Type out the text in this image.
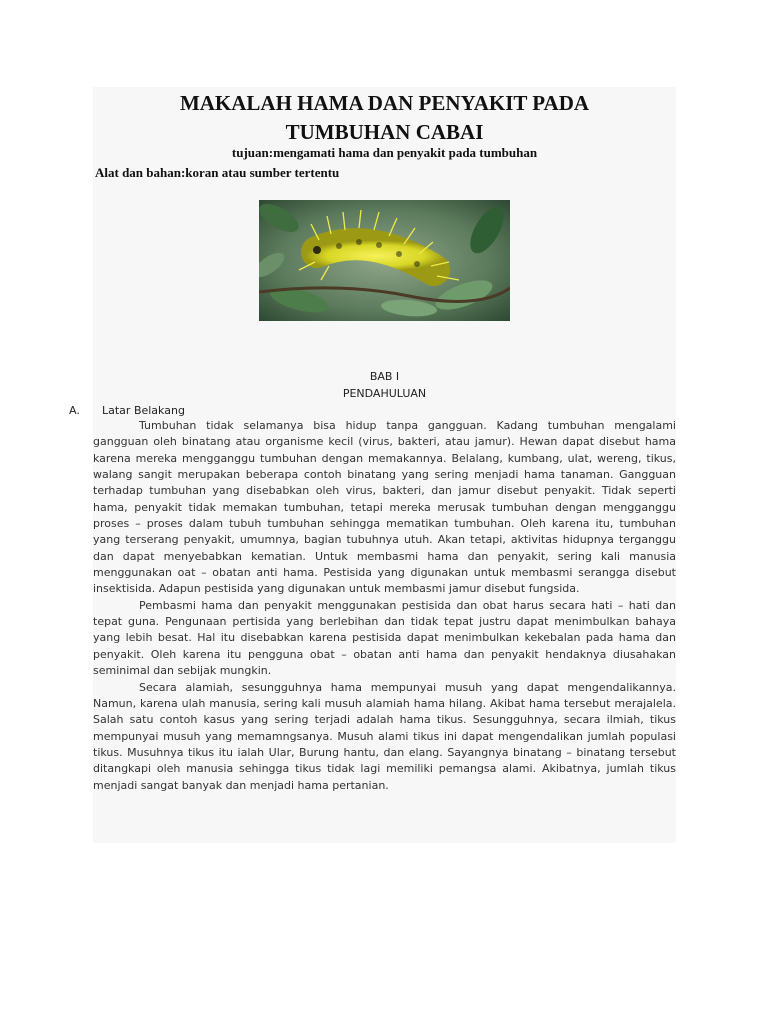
MAKALAH HAMA DAN PENYAKIT PADA
TUMBUHAN CABAI
tujuan:mengamati hama dan penyakit pada tumbuhan
Alat dan bahan:koran atau sumber tertentu
BAB I
PENDAHULUAN
A. Latar Belakang

Tumbuhan tidak selamanya bisa hidup tanpa gangguan. Kadang tumbuhan mengalami gangguan oleh binatang atau organisme kecil (virus, bakteri, atau jamur). Hewan dapat disebut hama karena mereka mengganggu tumbuhan dengan memakannya. Belalang, kumbang, ulat, wereng, tikus, walang sangit merupakan beberapa contoh binatang yang sering menjadi hama tanaman. Gangguan terhadap tumbuhan yang disebabkan oleh virus, bakteri, dan jamur disebut penyakit. Tidak seperti hama, penyakit tidak memakan tumbuhan, tetapi mereka merusak tumbuhan dengan mengganggu proses – proses dalam tubuh tumbuhan sehingga mematikan tumbuhan. Oleh karena itu, tumbuhan yang terserang penyakit, umumnya, bagian tubuhnya utuh. Akan tetapi, aktivitas hidupnya terganggu dan dapat menyebabkan kematian. Untuk membasmi hama dan penyakit, sering kali manusia menggunakan oat – obatan anti hama. Pestisida yang digunakan untuk membasmi serangga disebut insektisida. Adapun pestisida yang digunakan untuk membasmi jamur disebut fungsida.

Pembasmi hama dan penyakit menggunakan pestisida dan obat harus secara hati – hati dan tepat guna. Pengunaan pertisida yang berlebihan dan tidak tepat justru dapat menimbulkan bahaya yang lebih besat. Hal itu disebabkan karena pestisida dapat menimbulkan kekebalan pada hama dan penyakit. Oleh karena itu pengguna obat – obatan anti hama dan penyakit hendaknya diusahakan seminimal dan sebijak mungkin.

Secara alamiah, sesungguhnya hama mempunyai musuh yang dapat mengendalikannya. Namun, karena ulah manusia, sering kali musuh alamiah hama hilang. Akibat hama tersebut merajalela. Salah satu contoh kasus yang sering terjadi adalah hama tikus. Sesungguhnya, secara ilmiah, tikus mempunyai musuh yang memamngsanya. Musuh alami tikus ini dapat mengendalikan jumlah populasi tikus. Musuhnya tikus itu ialah Ular, Burung hantu, dan elang. Sayangnya binatang – binatang tersebut ditangkapi oleh manusia sehingga tikus tidak lagi memiliki pemangsa alami. Akibatnya, jumlah tikus menjadi sangat banyak dan menjadi hama pertanian.
